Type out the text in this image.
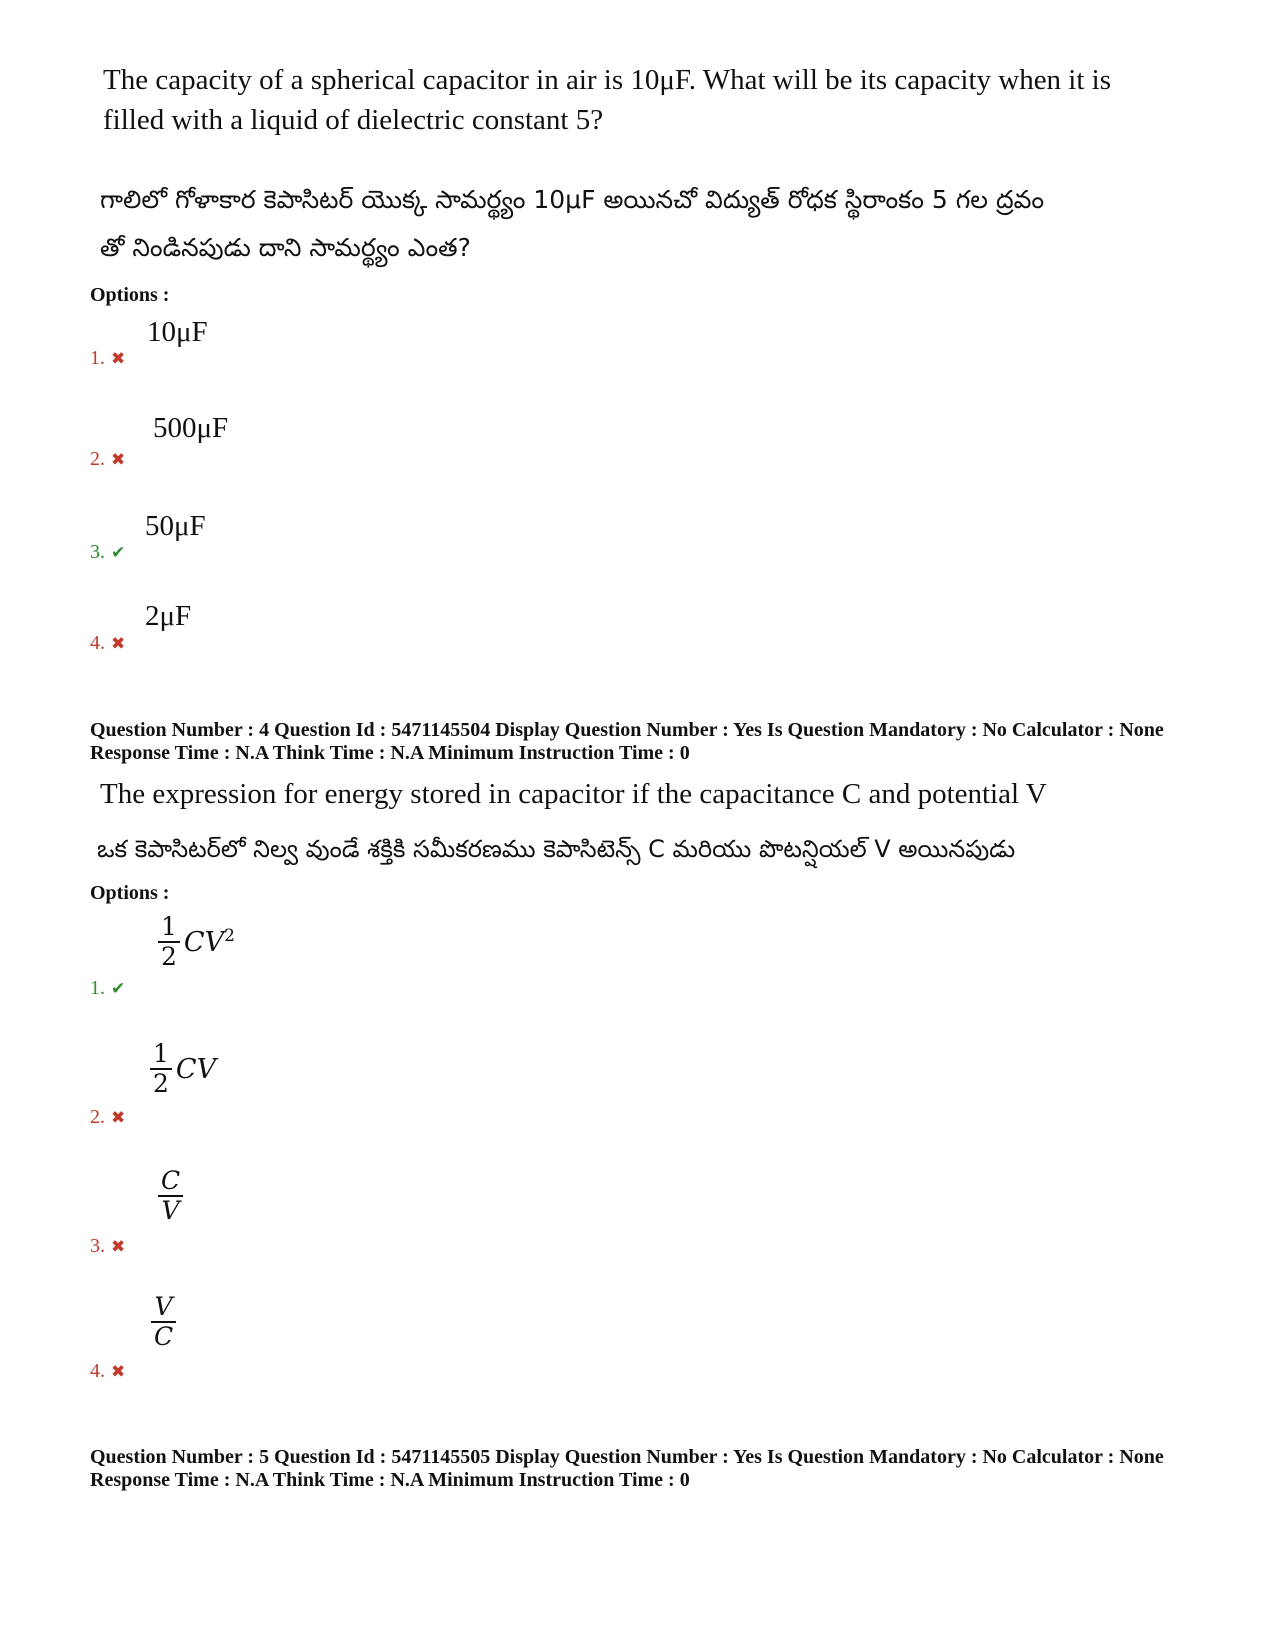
The capacity of a spherical capacitor in air is 10μF. What will be its capacity when it is filled with a liquid of dielectric constant 5?
గాలిలో గోళాకార కెపాసిటర్ యొక్క సామర్థ్యం 10μF అయినచో విద్యుత్ రోధక స్థిరాంకం 5 గల ద్రవం
తో నిండినపుడు దాని సామర్థ్యం ఎంత?
Options :
10μF
1. ✖
500μF
2. ✖
50μF
3. ✔
2μF
4. ✖
Question Number : 4 Question Id : 5471145504 Display Question Number : Yes Is Question Mandatory : No Calculator : None Response Time : N.A Think Time : N.A Minimum Instruction Time : 0
The expression for energy stored in capacitor if the capacitance C and potential V
ఒక కెపాసిటర్‌లో నిల్వ వుండే శక్తికి సమీకరణము కెపాసిటెన్స్ C మరియు పొటన్షియల్ V అయినపుడు
Options :
$\frac{1}{2} CV^2$
1. ✔
$\frac{1}{2}$ CV
2. ✖
$\frac{C}{V}$
3. ✖
$\frac{V}{C}$
4. ✖
Question Number : 5 Question Id : 5471145505 Display Question Number : Yes Is Question Mandatory : No Calculator : None Response Time : N.A Think Time : N.A Minimum Instruction Time : 0
